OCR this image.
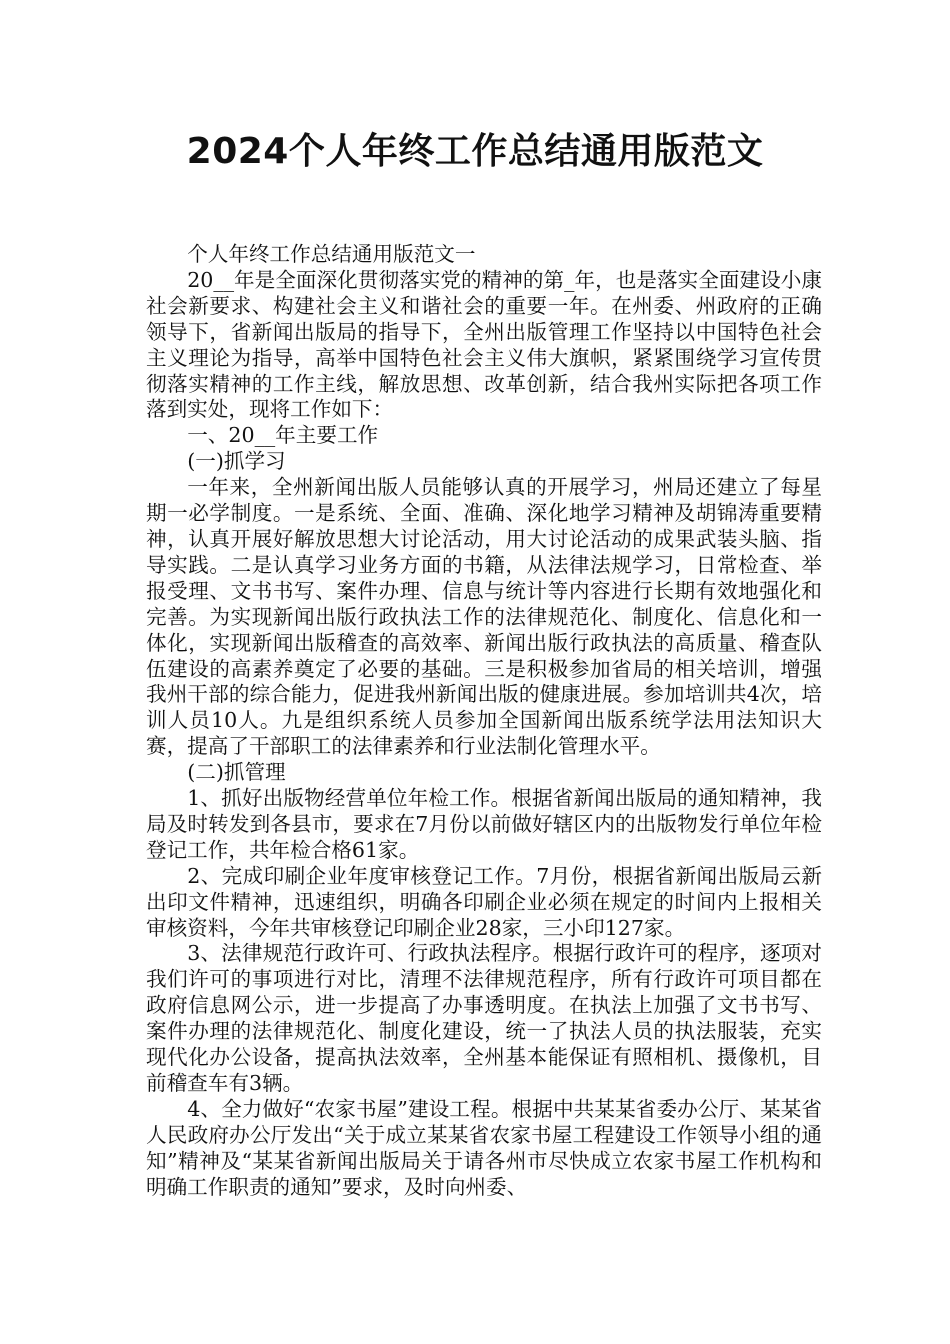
2024个人年终工作总结通用版范文

个人年终工作总结通用版范文一

20__年是全面深化贯彻落实党的精神的第_年，也是落实全面建设小康社会新要求、构建社会主义和谐社会的重要一年。在州委、州政府的正确领导下，省新闻出版局的指导下，全州出版管理工作坚持以中国特色社会主义理论为指导，高举中国特色社会主义伟大旗帜，紧紧围绕学习宣传贯彻落实精神的工作主线，解放思想、改革创新，结合我州实际把各项工作落到实处，现将工作如下：

一、20__年主要工作

(一)抓学习

一年来，全州新闻出版人员能够认真的开展学习，州局还建立了每星期一必学制度。一是系统、全面、准确、深化地学习精神及胡锦涛重要精神，认真开展好解放思想大讨论活动，用大讨论活动的成果武装头脑、指导实践。二是认真学习业务方面的书籍，从法律法规学习，日常检查、举报受理、文书书写、案件办理、信息与统计等内容进行长期有效地强化和完善。为实现新闻出版行政执法工作的法律规范化、制度化、信息化和一体化，实现新闻出版稽查的高效率、新闻出版行政执法的高质量、稽查队伍建设的高素养奠定了必要的基础。三是积极参加省局的相关培训，增强我州干部的综合能力，促进我州新闻出版的健康进展。参加培训共4次，培训人员10人。九是组织系统人员参加全国新闻出版系统学法用法知识大赛，提高了干部职工的法律素养和行业法制化管理水平。

(二)抓管理

1、抓好出版物经营单位年检工作。根据省新闻出版局的通知精神，我局及时转发到各县市，要求在7月份以前做好辖区内的出版物发行单位年检登记工作，共年检合格61家。

2、完成印刷企业年度审核登记工作。7月份，根据省新闻出版局云新出印文件精神，迅速组织，明确各印刷企业必须在规定的时间内上报相关审核资料，今年共审核登记印刷企业28家，三小印127家。

3、法律规范行政许可、行政执法程序。根据行政许可的程序，逐项对我们许可的事项进行对比，清理不法律规范程序，所有行政许可项目都在政府信息网公示，进一步提高了办事透明度。在执法上加强了文书书写、案件办理的法律规范化、制度化建设，统一了执法人员的执法服装，充实现代化办公设备，提高执法效率，全州基本能保证有照相机、摄像机，目前稽查车有3辆。

4、全力做好“农家书屋”建设工程。根据中共某某省委办公厅、某某省人民政府办公厅发出“关于成立某某省农家书屋工程建设工作领导小组的通知”精神及“某某省新闻出版局关于请各州市尽快成立农家书屋工作机构和明确工作职责的通知”要求，及时向州委、
